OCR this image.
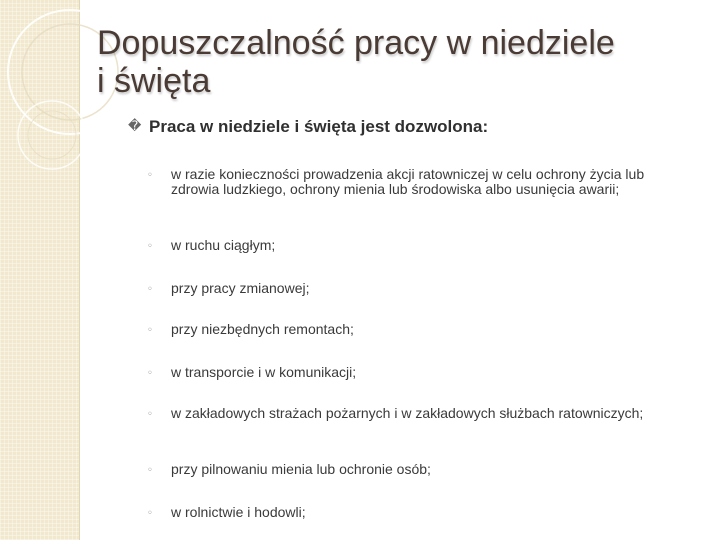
Dopuszczalność pracy w niedziele
i święta
� Praca w niedziele i święta jest dozwolona:
◦	w razie konieczności prowadzenia akcji ratowniczej w celu ochrony życia lub zdrowia ludzkiego, ochrony mienia lub środowiska albo usunięcia awarii;
◦	w ruchu ciągłym;
◦	przy pracy zmianowej;
◦	przy niezbędnych remontach;
◦	w transporcie i w komunikacji;
◦	w zakładowych strażach pożarnych i w zakładowych służbach ratowniczych;
◦	przy pilnowaniu mienia lub ochronie osób;
◦	w rolnictwie i hodowli;
